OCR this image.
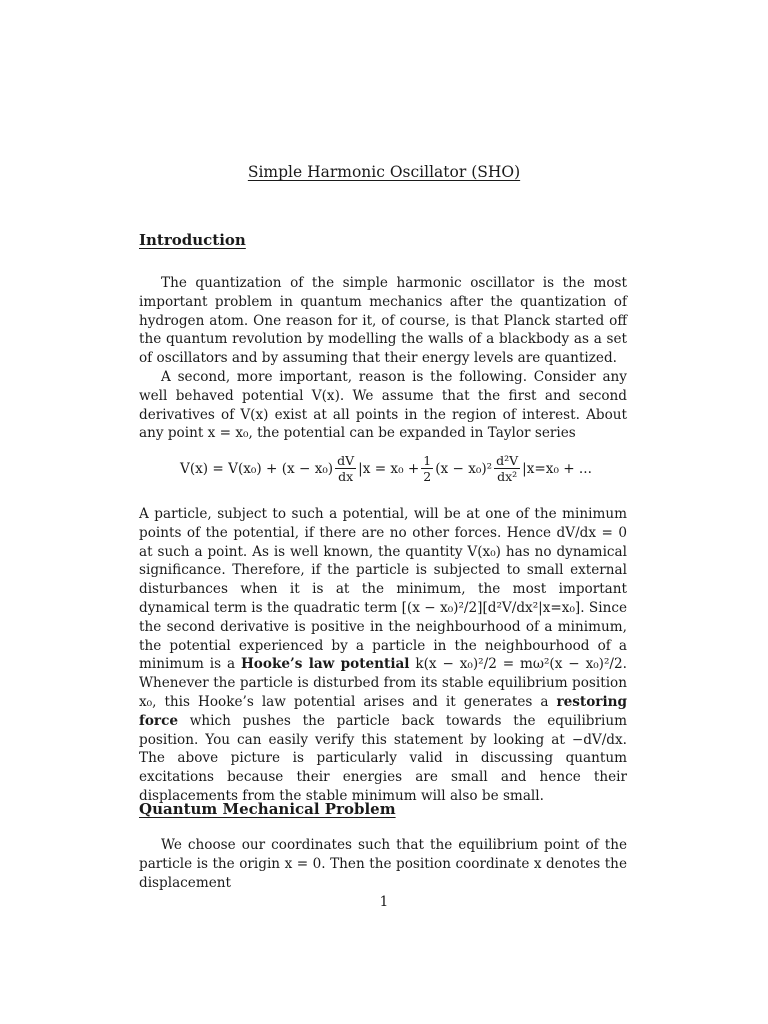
Simple Harmonic Oscillator (SHO)
Introduction

The quantization of the simple harmonic oscillator is the most important problem in quantum mechanics after the quantization of hydrogen atom. One reason for it, of course, is that Planck started off the quantum revolution by modelling the walls of a blackbody as a set of oscillators and by assuming that their energy levels are quantized.

A second, more important, reason is the following. Consider any well behaved potential V(x). We assume that the first and second derivatives of V(x) exist at all points in the region of interest. About any point x = x₀, the potential can be expanded in Taylor series

$V(x) = V(x_0) + (x - x_0) \frac{dV}{dx} |x = x_0 + \frac{1}{2} (x - x_0)^2 \frac{\text{d²V}}{\text{dx²}} |x=x_0$ + ...

A particle, subject to such a potential, will be at one of the minimum points of the potential, if there are no other forces. Hence dV/dx = 0 at such a point. As is well known, the quantity V(x₀) has no dynamical significance. Therefore, if the particle is subjected to small external disturbances when it is at the minimum, the most important dynamical term is the quadratic term [(x − x₀)²/2][d²V/dx²|x=x₀]. Since the second derivative is positive in the neighbourhood of a minimum, the potential experienced by a particle in the neighbourhood of a minimum is a Hooke’s law potential k(x − x₀)²/2 = mω²(x − x₀)²/2. Whenever the particle is disturbed from its stable equilibrium position x₀, this Hooke’s law potential arises and it generates a restoring force which pushes the particle back towards the equilibrium position. You can easily verify this statement by looking at −dV/dx. The above picture is particularly valid in discussing quantum excitations because their energies are small and hence their displacements from the stable minimum will also be small.

Quantum Mechanical Problem

We choose our coordinates such that the equilibrium point of the particle is the origin x = 0. Then the position coordinate x denotes the displacement

1
